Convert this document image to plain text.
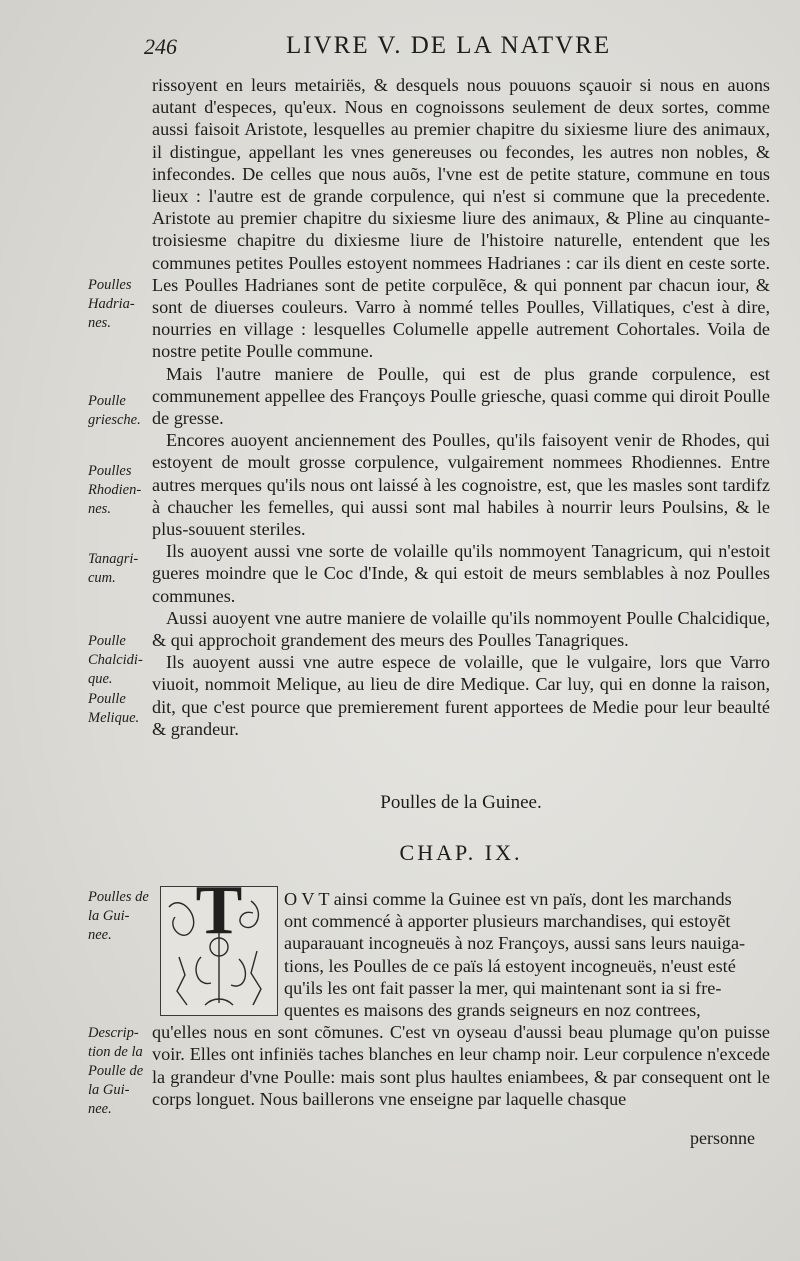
246	LIVRE V. DE LA NATVRE

rissoyent en leurs metairiës, & desquels nous pouuons sçauoir si nous en auons autant d'especes, qu'eux. Nous en cognoissons seulement de deux sortes, comme aussi faisoit Aristote, lesquelles au premier chapitre du sixiesme liure des animaux, il distingue, appellant les vnes genereuses ou fecondes, les autres non nobles, & infecondes. De celles que nous auõs, l'vne est de petite stature, commune en tous lieux : l'autre est de grande corpulence, qui n'est si commune que la precedente. Aristote au premier chapitre du sixiesme liure des animaux, & Pline au cinquante-troisiesme chapitre du dixiesme liure de l'histoire naturelle, entendent que les communes petites Poulles estoyent nommees Hadrianes : car ils dient en ceste sorte. Les Poulles Hadrianes sont de petite corpulẽce, & qui ponnent par chacun iour, & sont de diuerses couleurs. Varro à nommé telles Poulles, Villatiques, c'est à dire, nourries en village : lesquelles Columelle appelle autrement Cohortales. Voila de nostre petite Poulle commune.

Mais l'autre maniere de Poulle, qui est de plus grande corpulence, est communement appellee des Françoys Poulle griesche, quasi comme qui diroit Poulle de gresse.

Encores auoyent anciennement des Poulles, qu'ils faisoyent venir de Rhodes, qui estoyent de moult grosse corpulence, vulgairement nommees Rhodiennes. Entre autres merques qu'ils nous ont laissé à les cognoistre, est, que les masles sont tardifz à chaucher les femelles, qui aussi sont mal habiles à nourrir leurs Poulsins, & le plus-souuent steriles.

Ils auoyent aussi vne sorte de volaille qu'ils nommoyent Tanagricum, qui n'estoit gueres moindre que le Coc d'Inde, & qui estoit de meurs semblables à noz Poulles communes.

Aussi auoyent vne autre maniere de volaille qu'ils nommoyent Poulle Chalcidique, & qui approchoit grandement des meurs des Poulles Tanagriques.

Ils auoyent aussi vne autre espece de volaille, que le vulgaire, lors que Varro viuoit, nommoit Melique, au lieu de dire Medique. Car luy, qui en donne la raison, dit, que c'est pource que premierement furent apportees de Medie pour leur beaulté & grandeur.

Poulles Hadria-nes.
Poulle griesche.
Poulles Rhodien-nes.
Tanagri-cum.
Poulle Chalcidi-que.
Poulle Melique.
Poulles de la Guinee.
CHAP. IX.
Poulles de la Gui-nee.
Descrip-tion de la Poulle de la Gui-nee.
T O V T ainsi comme la Guinee est vn païs, dont les marchands

ont commencé à apporter plusieurs marchandises, qui estoyẽt

auparauant incogneuës à noz Françoys, aussi sans leurs nauiga-

tions, les Poulles de ce païs lá estoyent incogneuës, n'eust esté

qu'ils les ont fait passer la mer, qui maintenant sont ia si fre-

quentes es maisons des grands seigneurs en noz contrees,

qu'elles nous en sont cõmunes. C'est vn oyseau d'aussi beau plumage qu'on puisse voir. Elles ont infiniës taches blanches en leur champ noir. Leur corpulence n'excede la grandeur d'vne Poulle: mais sont plus haultes eniambees, & par consequent ont le corps longuet. Nous baillerons vne enseigne par laquelle chasque

personne
